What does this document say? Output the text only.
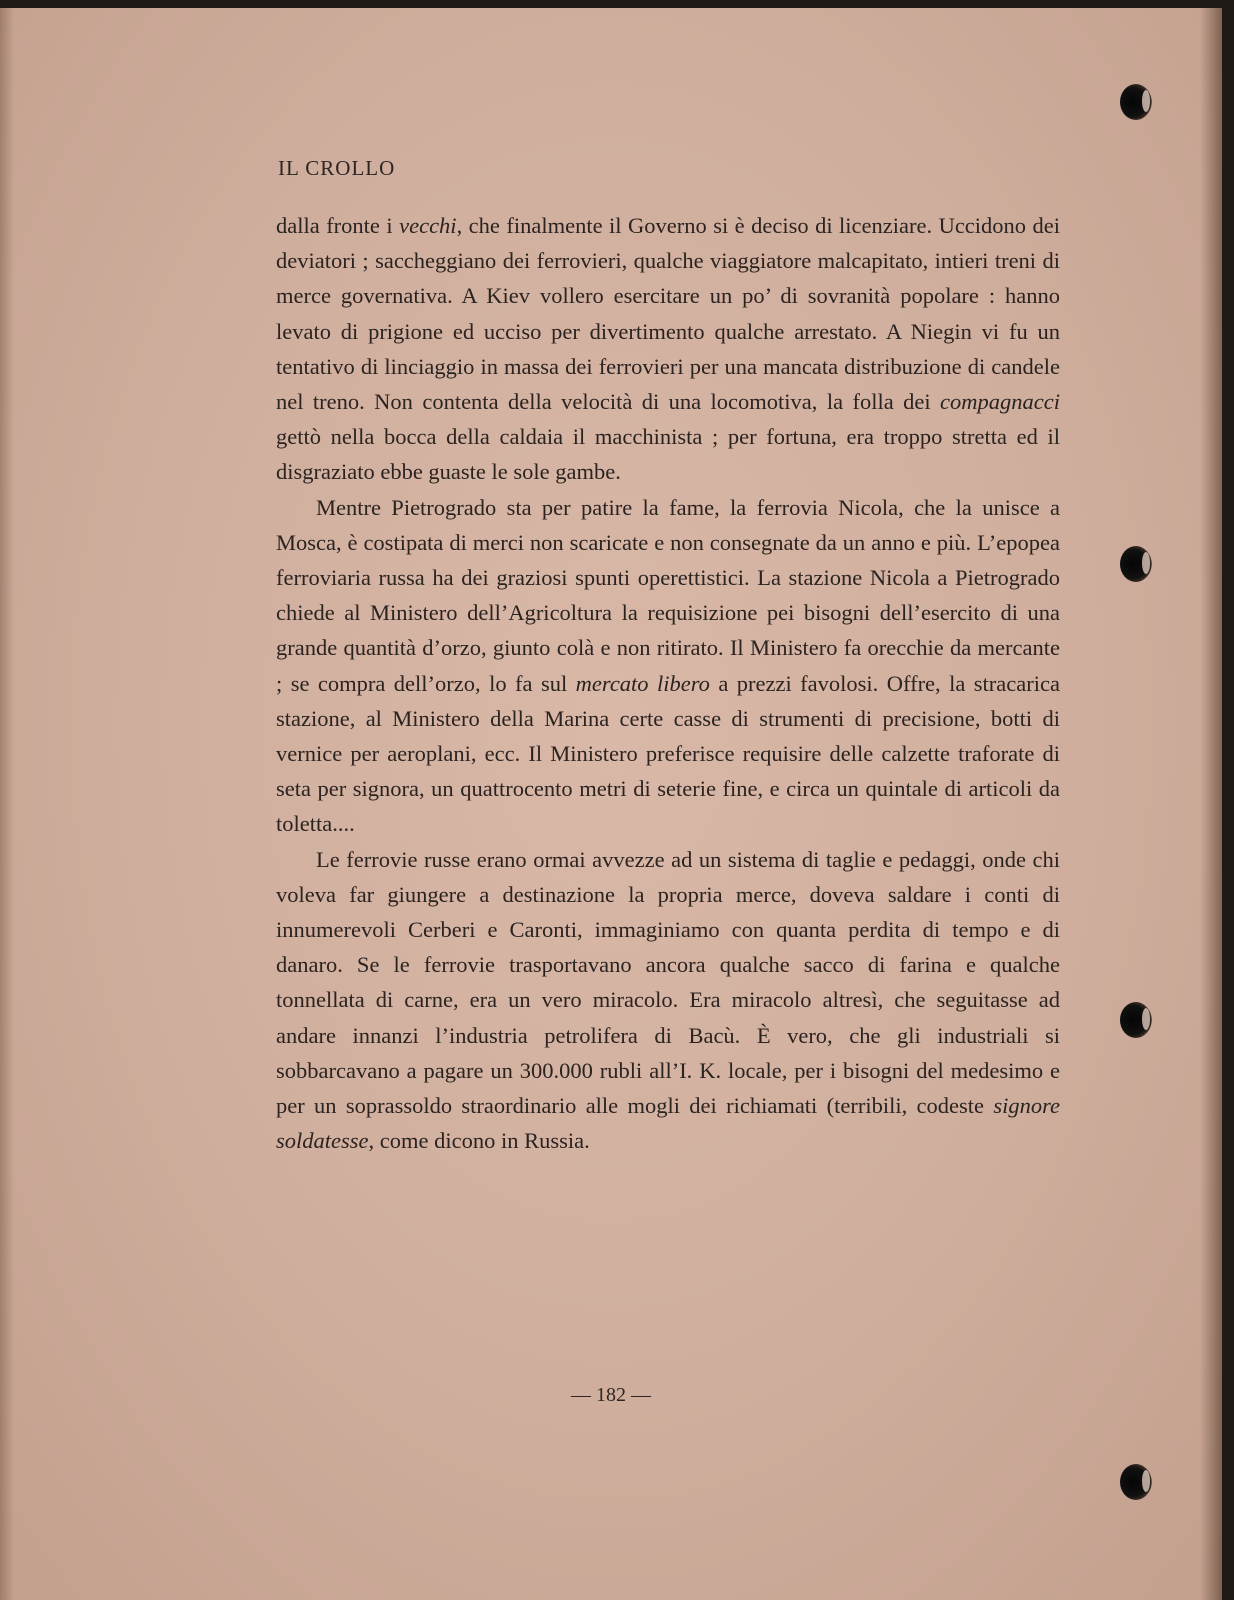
IL CROLLO

dalla fronte i vecchi, che finalmente il Governo si è deciso di licenziare. Uccidono dei deviatori ; saccheggiano dei ferrovieri, qualche viaggiatore malcapitato, intieri treni di merce governativa. A Kiev vollero esercitare un po’ di sovranità popolare : hanno levato di prigione ed ucciso per divertimento qualche arrestato. A Niegin vi fu un tentativo di linciaggio in massa dei ferrovieri per una mancata distribuzione di candele nel treno. Non contenta della velocità di una locomotiva, la folla dei compagnacci gettò nella bocca della caldaia il macchinista ; per fortuna, era troppo stretta ed il disgraziato ebbe guaste le sole gambe.

Mentre Pietrogrado sta per patire la fame, la ferrovia Nicola, che la unisce a Mosca, è costipata di merci non scaricate e non consegnate da un anno e più. L’epopea ferroviaria russa ha dei graziosi spunti operettistici. La stazione Nicola a Pietrogrado chiede al Ministero dell’Agricoltura la requisizione pei bisogni dell’esercito di una grande quantità d’orzo, giunto colà e non ritirato. Il Ministero fa orecchie da mercante ; se compra dell’orzo, lo fa sul mercato libero a prezzi favolosi. Offre, la stracarica stazione, al Ministero della Marina certe casse di strumenti di precisione, botti di vernice per aeroplani, ecc. Il Ministero preferisce requisire delle calzette traforate di seta per signora, un quattrocento metri di seterie fine, e circa un quintale di articoli da toletta....

Le ferrovie russe erano ormai avvezze ad un sistema di taglie e pedaggi, onde chi voleva far giungere a destinazione la propria merce, doveva saldare i conti di innumerevoli Cerberi e Caronti, immaginiamo con quanta perdita di tempo e di danaro. Se le ferrovie trasportavano ancora qualche sacco di farina e qualche tonnellata di carne, era un vero miracolo. Era miracolo altresì, che seguitasse ad andare innanzi l’industria petrolifera di Bacù. È vero, che gli industriali si sobbarcavano a pagare un 300.000 rubli all’I. K. locale, per i bisogni del medesimo e per un soprassoldo straordinario alle mogli dei richiamati (terribili, codeste signore soldatesse, come dicono in Russia.

— 182 —
